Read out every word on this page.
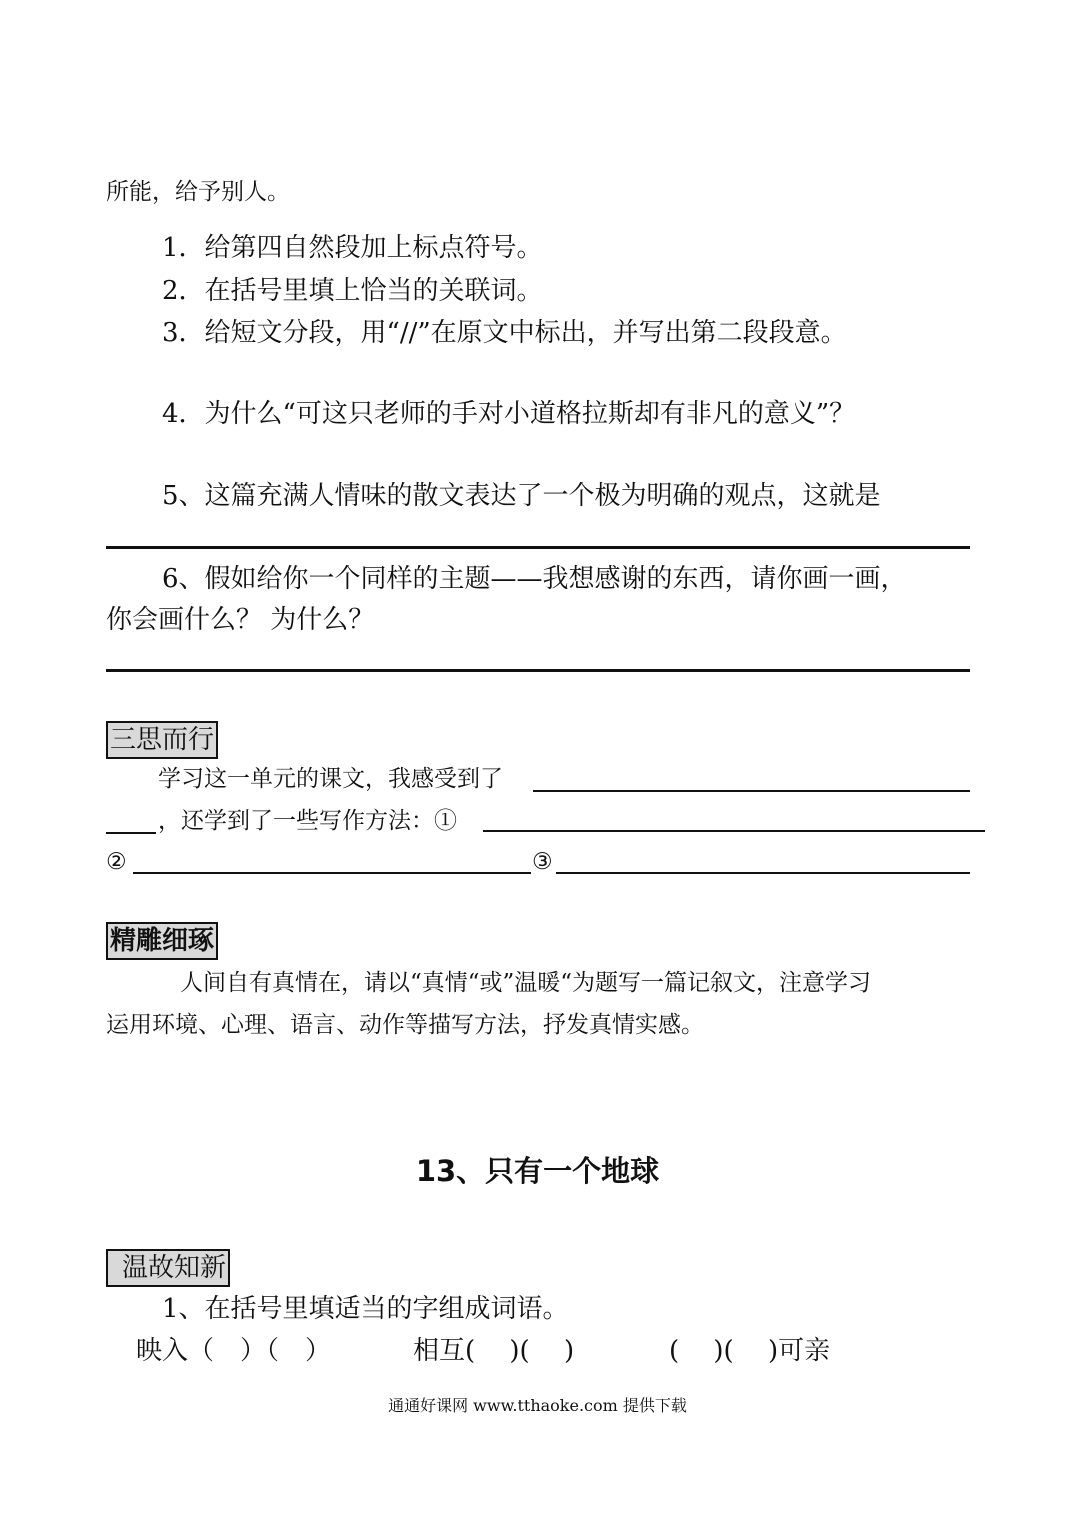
所能，给予别人。
1．给第四自然段加上标点符号。
2．在括号里填上恰当的关联词。
3．给短文分段，用“//”在原文中标出，并写出第二段段意。
4．为什么“可这只老师的手对小道格拉斯却有非凡的意义”？
5、这篇充满人情味的散文表达了一个极为明确的观点，这就是
6、假如给你一个同样的主题——我想感谢的东西，请你画一画，
你会画什么？ 为什么？
三思而行
学习这一单元的课文，我感受到了
，还学到了一些写作方法：①
②	③
精雕细琢
人间自有真情在，请以“真情“或”温暖“为题写一篇记叙文，注意学习
运用环境、心理、语言、动作等描写方法，抒发真情实感。
13、只有一个地球
温故知新
1、在括号里填适当的字组成词语。
映入（　）（　）	相互(　 )(　 )	(　 )(　 )可亲
通通好课网 www.tthaoke.com 提供下载
